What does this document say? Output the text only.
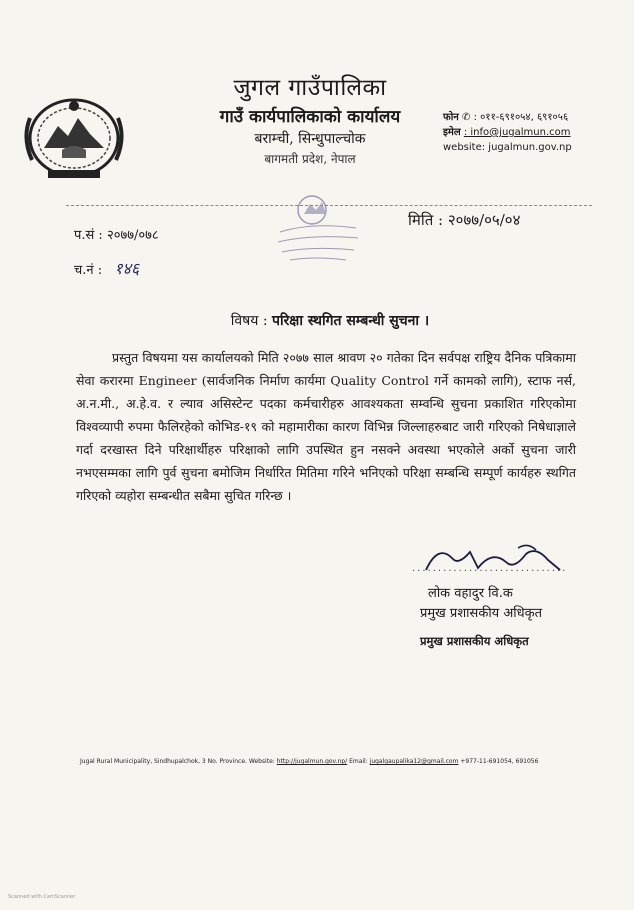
जुगल गाउँपालिका
गाउँ कार्यपालिकाको कार्यालय
बराम्ची, सिन्धुपाल्चोक
बागमती प्रदेश, नेपाल
फोन ✆ : ०११-६९१०५४, ६९१०५६
इमेल : info@jugalmun.com
website: jugalmun.gov.np
प.सं : २०७७/०७८
च.नं : १४६
मिति : २०७७/०५/०४
विषय : परिक्षा स्थगित सम्बन्धी सुचना ।
प्रस्तुत विषयमा यस कार्यालयको मिति २०७७ साल श्रावण २० गतेका दिन सर्वपक्ष राष्ट्रिय दैनिक पत्रिकामा सेवा करारमा Engineer (सार्वजनिक निर्माण कार्यमा Quality Control गर्ने कामको लागि), स्टाफ नर्स, अ.न.मी., अ.हे.व. र ल्याव असिस्टेन्ट पदका कर्मचारीहरु आवश्यकता सम्वन्धि सुचना प्रकाशित गरिएकोमा विश्वव्यापी रुपमा फैलिरहेको कोभिड-१९ को महामारीका कारण विभिन्न जिल्लाहरुबाट जारी गरिएको निषेधाज्ञाले गर्दा दरखास्त दिने परिक्षार्थीहरु परिक्षाको लागि उपस्थित हुन नसक्ने अवस्था भएकोले अर्को सुचना जारी नभएसम्मका लागि पुर्व सुचना बमोजिम निर्धारित मितिमा गरिने भनिएको परिक्षा सम्बन्धि सम्पूर्ण कार्यहरु स्थगित गरिएको व्यहोरा सम्बन्धीत सबैमा सुचित गरिन्छ ।
..............................
लोक वहादुर वि.क
प्रमुख प्रशासकीय अधिकृत
प्रमुख प्रशासकीय अधिकृत
Jugal Rural Municipality, Sindhupalchok, 3 No. Province. Website: http://jugalmun.gov.np/ Email: jugalgaupalika12@gmail.com +977-11-691054, 691056
Scanned with CamScanner
